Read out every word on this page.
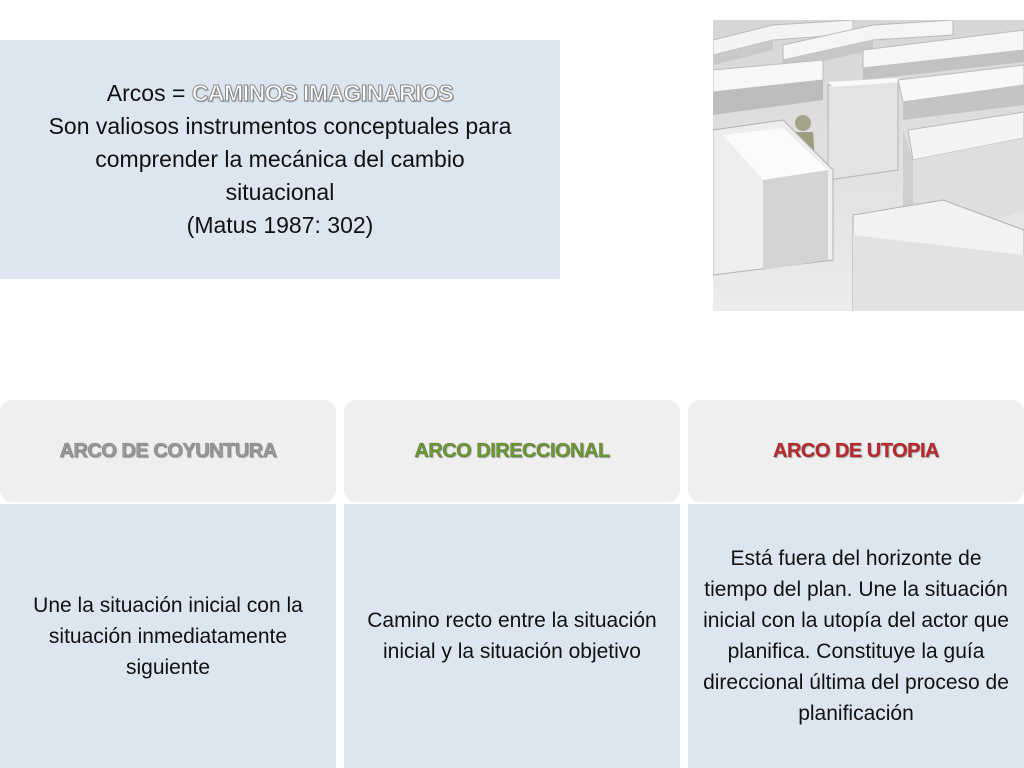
Arcos = CAMINOS IMAGINARIOS
Son valiosos instrumentos conceptuales para
comprender la mecánica del cambio
situacional
(Matus 1987: 302)
ARCO DE COYUNTURA	ARCO DIRECCIONAL	ARCO DE UTOPIA
Une la situación inicial con la situación inmediatamente siguiente
Camino recto entre la situación inicial y la situación objetivo
Está fuera del horizonte de tiempo del plan. Une la situación inicial con la utopía del actor que planifica. Constituye la guía direccional última del proceso de planificación
